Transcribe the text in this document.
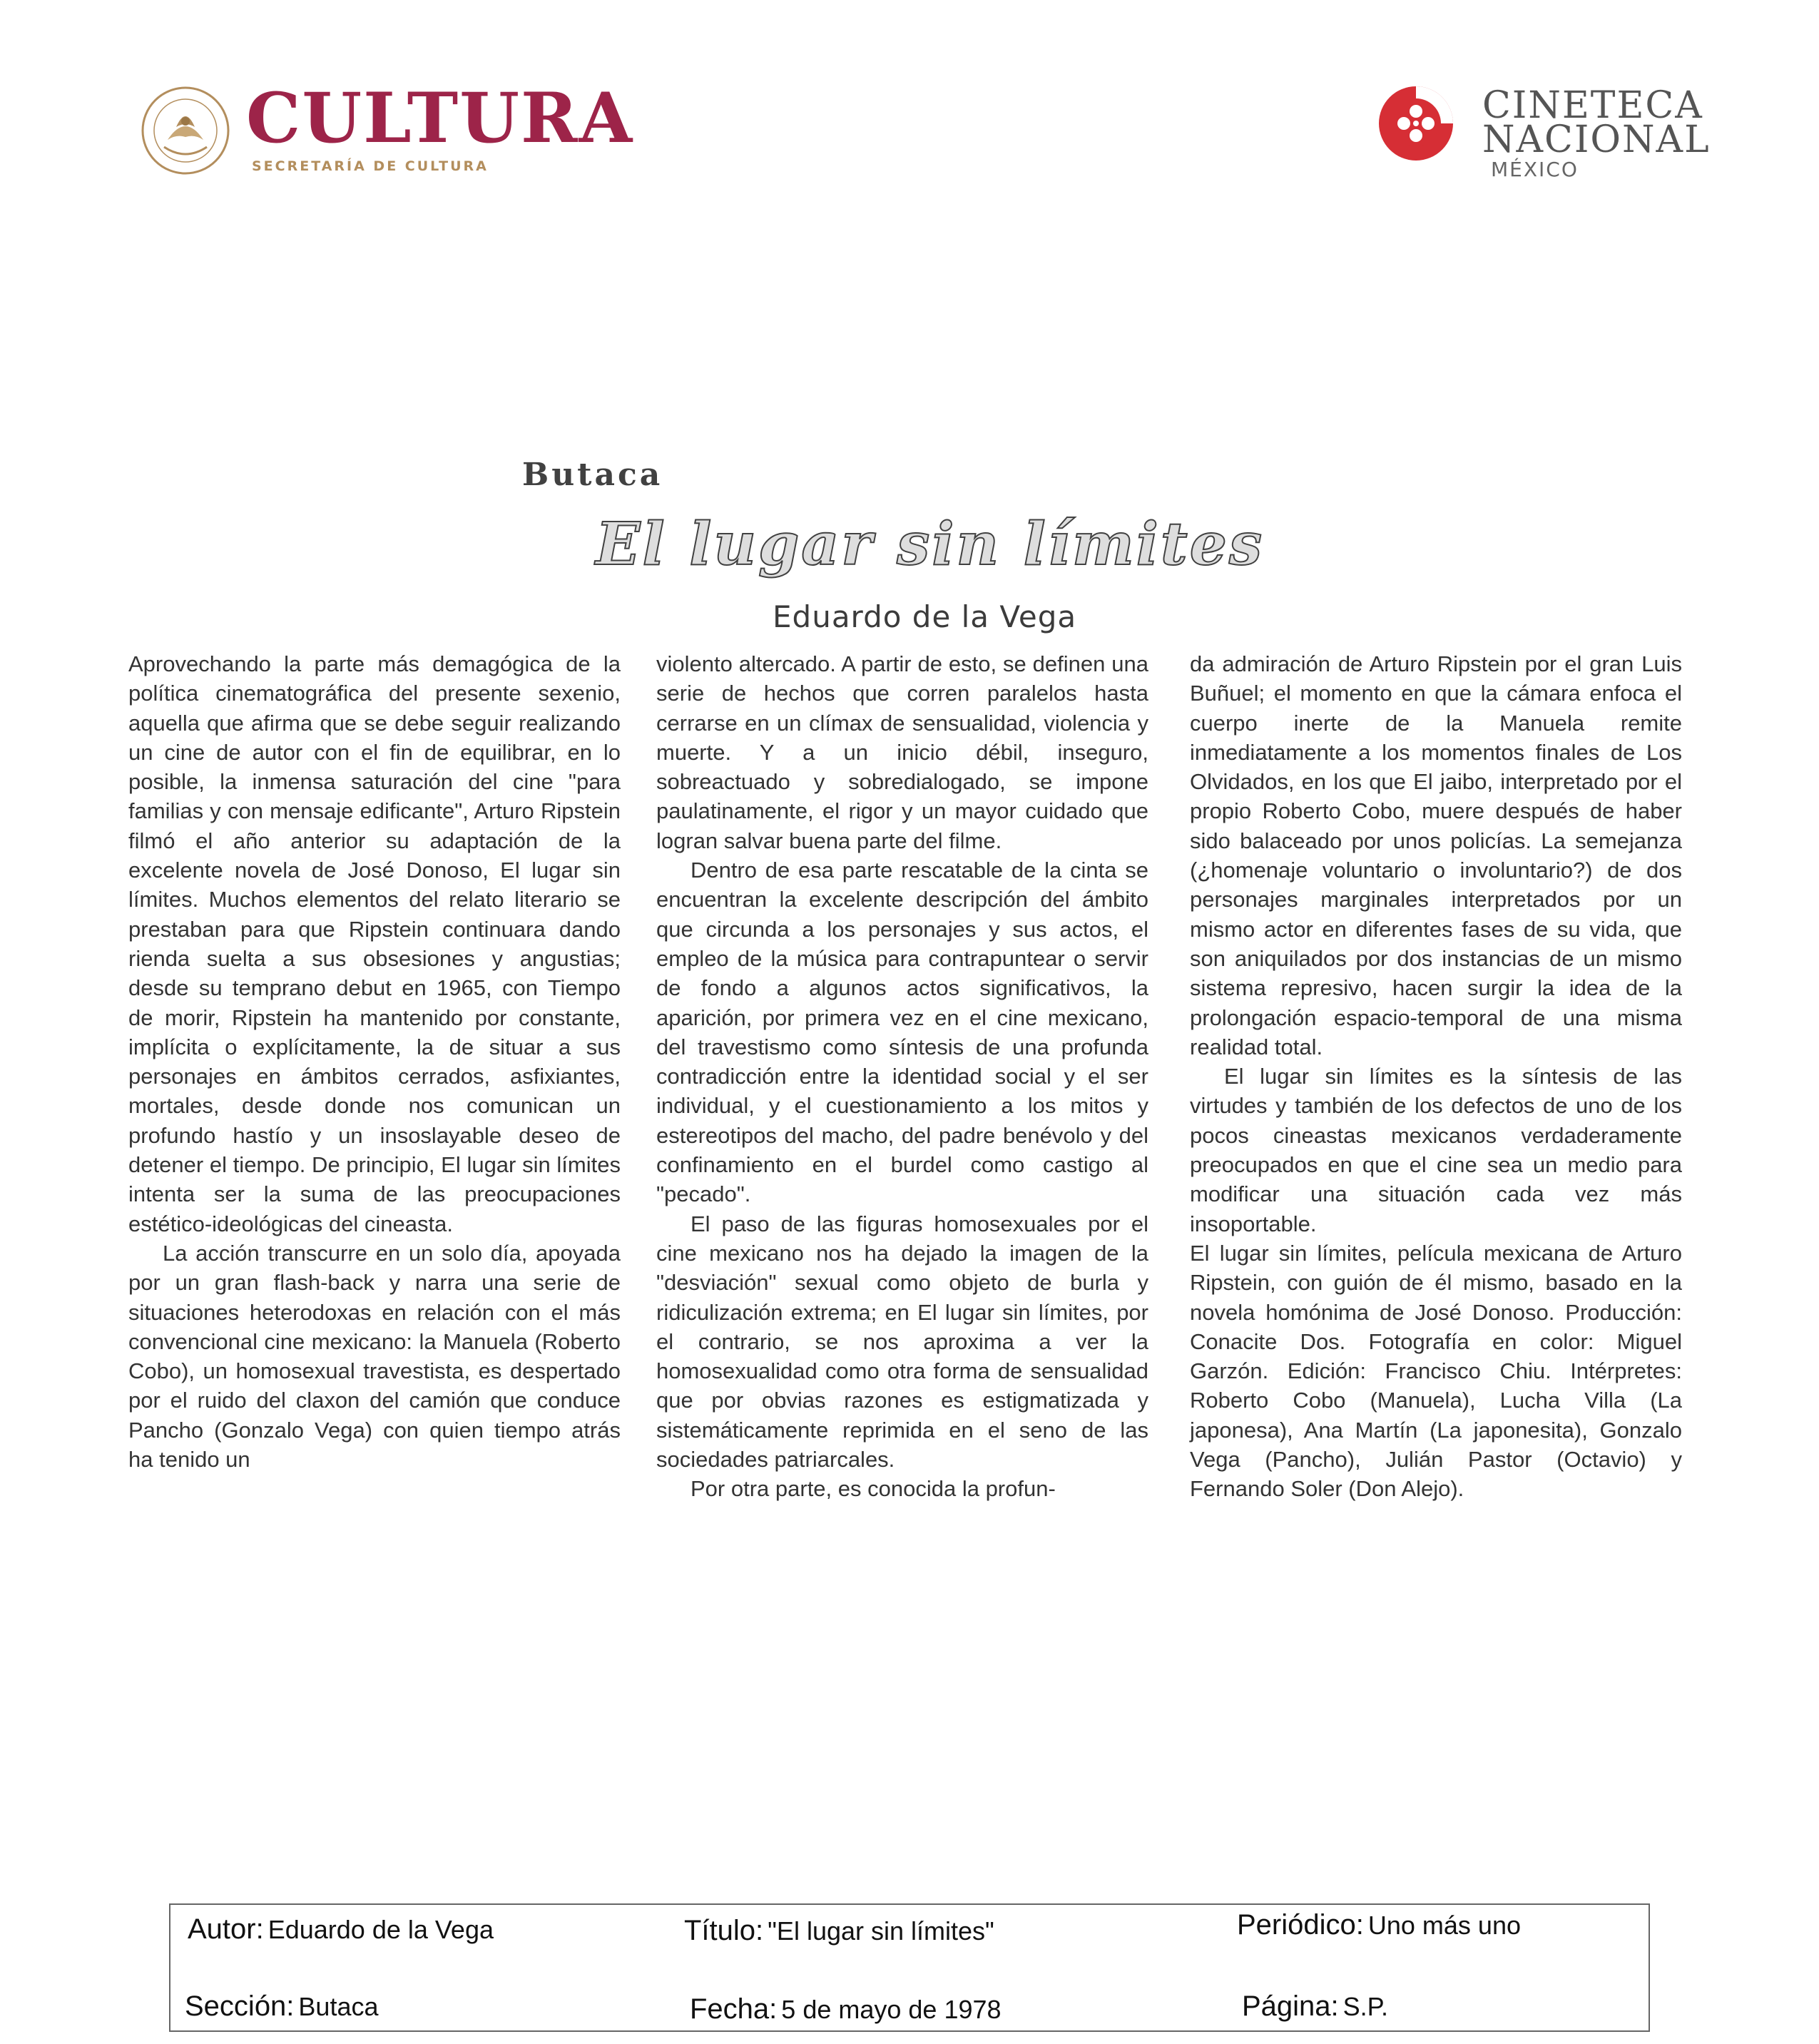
CULTURA
SECRETARÍA DE CULTURA
CINETECA
NACIONAL
MÉXICO
Butaca
El lugar sin límites
Eduardo de la Vega

Aprovechando la parte más demagógica de la política cinematográfica del presente sexenio, aquella que afirma que se debe seguir realizando un cine de autor con el fin de equilibrar, en lo posible, la inmensa saturación del cine "para familias y con mensaje edificante", Arturo Ripstein filmó el año anterior su adaptación de la excelente novela de José Donoso, El lugar sin límites. Muchos elementos del relato literario se prestaban para que Ripstein continuara dando rienda suelta a sus obsesiones y angustias; desde su temprano debut en 1965, con Tiempo de morir, Ripstein ha mantenido por constante, implícita o explícitamente, la de situar a sus personajes en ámbitos cerrados, asfixiantes, mortales, desde donde nos comunican un profundo hastío y un insoslayable deseo de detener el tiempo. De principio, El lugar sin límites intenta ser la suma de las preocupaciones estético-ideológicas del cineasta.

La acción transcurre en un solo día, apoyada por un gran flash-back y narra una serie de situaciones heterodoxas en relación con el más convencional cine mexicano: la Manuela (Roberto Cobo), un homosexual travestista, es despertado por el ruido del claxon del camión que conduce Pancho (Gonzalo Vega) con quien tiempo atrás ha tenido un

violento altercado. A partir de esto, se definen una serie de hechos que corren paralelos hasta cerrarse en un clímax de sensualidad, violencia y muerte. Y a un inicio débil, inseguro, sobreactuado y sobredialogado, se impone paulatinamente, el rigor y un mayor cuidado que logran salvar buena parte del filme.

Dentro de esa parte rescatable de la cinta se encuentran la excelente descripción del ámbito que circunda a los personajes y sus actos, el empleo de la música para contrapuntear o servir de fondo a algunos actos significativos, la aparición, por primera vez en el cine mexicano, del travestismo como síntesis de una profunda contradicción entre la identidad social y el ser individual, y el cuestionamiento a los mitos y estereotipos del macho, del padre benévolo y del confinamiento en el burdel como castigo al "pecado".

El paso de las figuras homosexuales por el cine mexicano nos ha dejado la imagen de la "desviación" sexual como objeto de burla y ridiculización extrema; en El lugar sin límites, por el contrario, se nos aproxima a ver la homosexualidad como otra forma de sensualidad que por obvias razones es estigmatizada y sistemáticamente reprimida en el seno de las sociedades patriarcales.

Por otra parte, es conocida la profun-

da admiración de Arturo Ripstein por el gran Luis Buñuel; el momento en que la cámara enfoca el cuerpo inerte de la Manuela remite inmediatamente a los momentos finales de Los Olvidados, en los que El jaibo, interpretado por el propio Roberto Cobo, muere después de haber sido balaceado por unos policías. La semejanza (¿homenaje voluntario o involuntario?) de dos personajes marginales interpretados por un mismo actor en diferentes fases de su vida, que son aniquilados por dos instancias de un mismo sistema represivo, hacen surgir la idea de la prolongación espacio-temporal de una misma realidad total.

El lugar sin límites es la síntesis de las virtudes y también de los defectos de uno de los pocos cineastas mexicanos verdaderamente preocupados en que el cine sea un medio para modificar una situación cada vez más insoportable.

El lugar sin límites, película mexicana de Arturo Ripstein, con guión de él mismo, basado en la novela homónima de José Donoso. Producción: Conacite Dos. Fotografía en color: Miguel Garzón. Edición: Francisco Chiu. Intérpretes: Roberto Cobo (Manuela), Lucha Villa (La japonesa), Ana Martín (La japonesita), Gonzalo Vega (Pancho), Julián Pastor (Octavio) y Fernando Soler (Don Alejo).

Autor: Eduardo de la Vega	Título: "El lugar sin límites"	Periódico: Uno más uno
Sección: Butaca	Fecha: 5 de mayo de 1978	Página: S.P.
